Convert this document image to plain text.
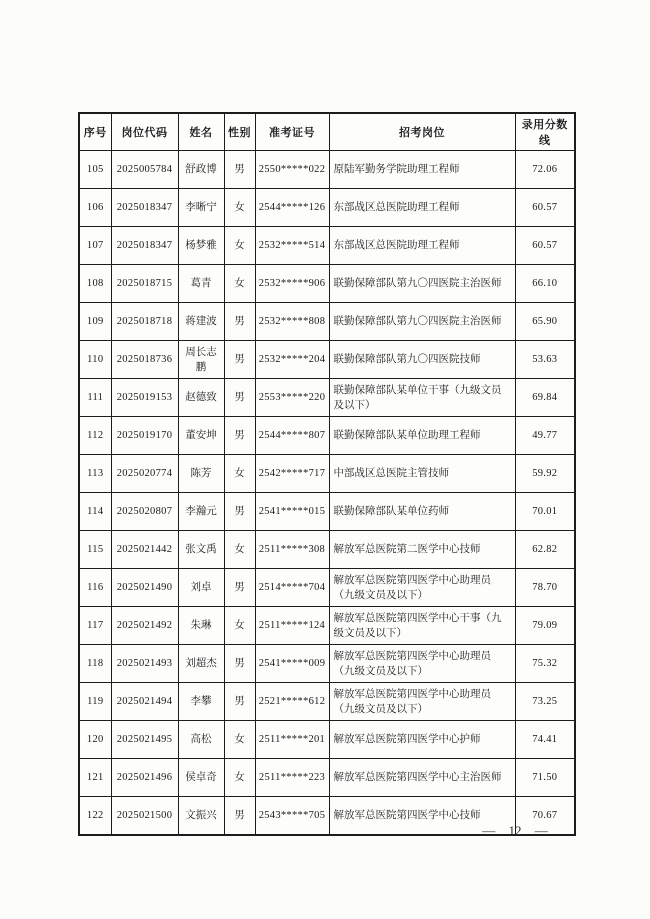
序号	岗位代码	姓名	性别	准考证号	招考岗位	录用分数线
105	2025005784	舒政博	男	2550*****022	原陆军勤务学院助理工程师	72.06
106	2025018347	李晰宁	女	2544*****126	东部战区总医院助理工程师	60.57
107	2025018347	杨梦雅	女	2532*****514	东部战区总医院助理工程师	60.57
108	2025018715	葛青	女	2532*****906	联勤保障部队第九〇四医院主治医师	66.10
109	2025018718	蒋建波	男	2532*****808	联勤保障部队第九〇四医院主治医师	65.90
110	2025018736	周长志鹏	男	2532*****204	联勤保障部队第九〇四医院技师	53.63
111	2025019153	赵德致	男	2553*****220	联勤保障部队某单位干事（九级文员及以下）	69.84
112	2025019170	董安坤	男	2544*****807	联勤保障部队某单位助理工程师	49.77
113	2025020774	陈芳	女	2542*****717	中部战区总医院主管技师	59.92
114	2025020807	李瀚元	男	2541*****015	联勤保障部队某单位药师	70.01
115	2025021442	张文禹	女	2511*****308	解放军总医院第二医学中心技师	62.82
116	2025021490	刘卓	男	2514*****704	解放军总医院第四医学中心助理员（九级文员及以下）	78.70
117	2025021492	朱琳	女	2511*****124	解放军总医院第四医学中心干事（九级文员及以下）	79.09
118	2025021493	刘超杰	男	2541*****009	解放军总医院第四医学中心助理员（九级文员及以下）	75.32
119	2025021494	李攀	男	2521*****612	解放军总医院第四医学中心助理员（九级文员及以下）	73.25
120	2025021495	高松	女	2511*****201	解放军总医院第四医学中心护师	74.41
121	2025021496	侯卓奇	女	2511*****223	解放军总医院第四医学中心主治医师	71.50
122	2025021500	文振兴	男	2543*****705	解放军总医院第四医学中心技师	70.67
— 12 —
